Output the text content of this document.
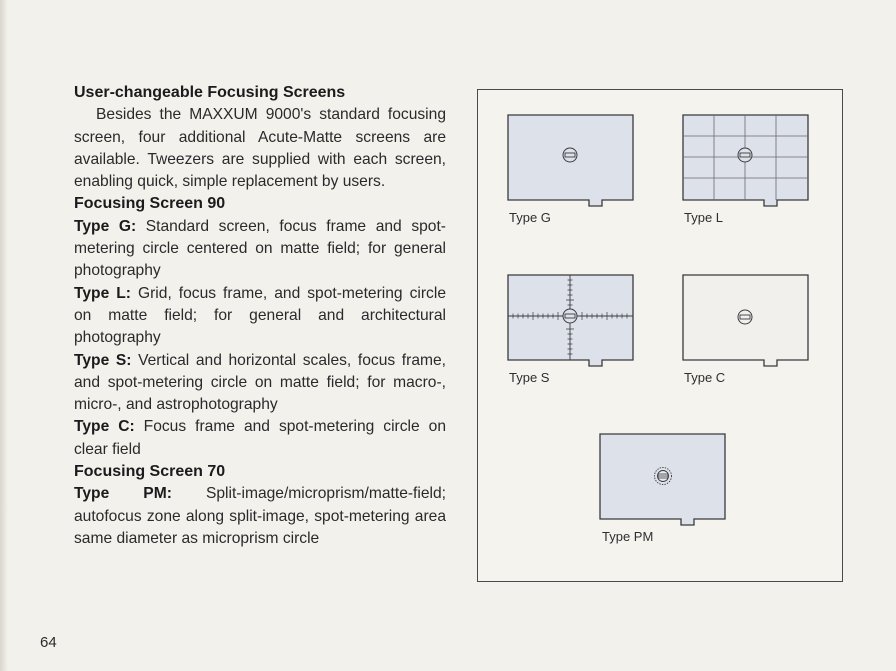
User-changeable Focusing Screens

Besides the MAXXUM 9000's standard focusing screen, four additional Acute-Matte screens are available. Tweezers are supplied with each screen, enabling quick, simple replacement by users.

Focusing Screen 90

Type G: Standard screen, focus frame and spot-metering circle centered on matte field; for general photography

Type L: Grid, focus frame, and spot-metering circle on matte field; for general and architectural photography

Type S: Vertical and horizontal scales, focus frame, and spot-metering circle on matte field; for macro-, micro-, and astrophotography

Type C: Focus frame and spot-metering circle on clear field

Focusing Screen 70

Type PM: Split-image/microprism/matte-field; autofocus zone along split-image, spot-metering area same diameter as microprism circle

64
Type G	Type L
Type S	Type C
Type PM
